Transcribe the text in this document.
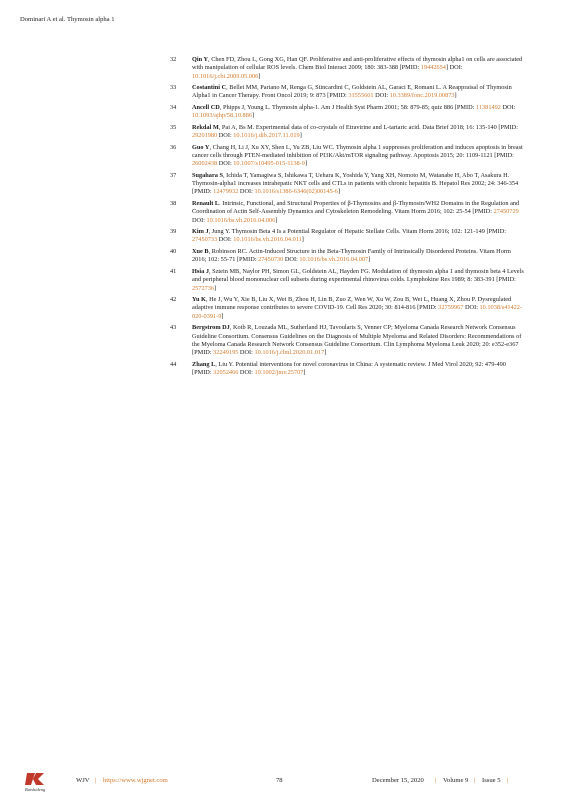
Dominari A et al. Thymosin alpha 1
32 Qin Y, Chen FD, Zhou L, Gong XG, Han QF. Proliferative and anti-proliferative effects of thymosin alpha1 on cells are associated with manipulation of cellular ROS levels. Chem Biol Interact 2009; 180: 383-388 [PMID: 19442654] DOI: 10.1016/j.cbi.2009.05.006]
33 Costantini C, Bellet MM, Pariano M, Renga G, Stincardini C, Goldstein AL, Garaci E, Romani L. A Reappraisal of Thymosin Alpha1 in Cancer Therapy. Front Oncol 2019; 9: 873 [PMID: 31555601 DOI: 10.3389/fonc.2019.00873]
34 Ancell CD, Phipps J, Young L. Thymosin alpha-1. Am J Health Syst Pharm 2001; 58: 879-85; quiz 886 [PMID: 11381492 DOI: 10.1093/ajhp/58.10.886]
35 Rekdal M, Pai A, Bs M. Experimental data of co-crystals of Etravirine and L-tartaric acid. Data Brief 2018; 16: 135-140 [PMID: 29201980 DOI: 10.1016/j.dib.2017.11.019]
36 Guo Y, Chang H, Li J, Xu XY, Shen L, Yu ZB, Liu WC. Thymosin alpha 1 suppresses proliferation and induces apoptosis in breast cancer cells through PTEN-mediated inhibition of PI3K/Akt/mTOR signaling pathway. Apoptosis 2015; 20: 1109-1121 [PMID: 26002438 DOI: 10.1007/s10495-015-1138-9]
37 Sugahara S, Ichida T, Yamagiwa S, Ishikawa T, Uehara K, Yoshida Y, Yang XH, Nomoto M, Watanabe H, Abo T, Asakura H. Thymosin-alpha1 increases intrahepatic NKT cells and CTLs in patients with chronic hepatitis B. Hepatol Res 2002; 24: 346-354 [PMID: 12479932 DOI: 10.1016/s1386-6346(02)00145-6]
38 Renault L. Intrinsic, Functional, and Structural Properties of β-Thymosins and β-Thymosin/WH2 Domains in the Regulation and Coordination of Actin Self-Assembly Dynamics and Cytoskeleton Remodeling. Vitam Horm 2016; 102: 25-54 [PMID: 27450729 DOI: 10.1016/bs.vh.2016.04.006]
39 Kim J, Jung Y. Thymosin Beta 4 Is a Potential Regulator of Hepatic Stellate Cells. Vitam Horm 2016; 102: 121-149 [PMID: 27450733 DOI: 10.1016/bs.vh.2016.04.011]
40 Xue B, Robinson RC. Actin-Induced Structure in the Beta-Thymosin Family of Intrinsically Disordered Proteins. Vitam Horm 2016; 102: 55-71 [PMID: 27450730 DOI: 10.1016/bs.vh.2016.04.007]
41 Hsia J, Sztein MB, Naylor PH, Simon GL, Goldstein AL, Hayden FG. Modulation of thymosin alpha 1 and thymosin beta 4 Levels and peripheral blood mononuclear cell subsets during experimental rhinovirus colds. Lymphokine Res 1989; 8: 383-391 [PMID: 2572736]
42 Yu K, He J, Wu Y, Xie B, Liu X, Wei B, Zhou H, Lin B, Zuo Z, Wen W, Xu W, Zou B, Wei L, Huang X, Zhou P. Dysregulated adaptive immune response contributes to severe COVID-19. Cell Res 2020; 30: 814-816 [PMID: 32759967 DOI: 10.1038/s41422-020-0391-9]
43 Bergstrom DJ, Kotb R, Louzada ML, Sutherland HJ, Tavoularis S, Venner CP; Myeloma Canada Research Network Consensus Guideline Consortium. Consensus Guidelines on the Diagnosis of Multiple Myeloma and Related Disorders: Recommendations of the Myeloma Canada Research Network Consensus Guideline Consortium. Clin Lymphoma Myeloma Leuk 2020; 20: e352-e367 [PMID: 32249195 DOI: 10.1016/j.clml.2020.01.017]
44 Zhang L, Liu Y. Potential interventions for novel coronavirus in China: A systematic review. J Med Virol 2020; 92: 479-490 [PMID: 32052466 DOI: 10.1002/jmv.25707]
Baishideng
WJV | https://www.wjgnet.com	78	December 15, 2020 | Volume 9 | Issue 5 |
